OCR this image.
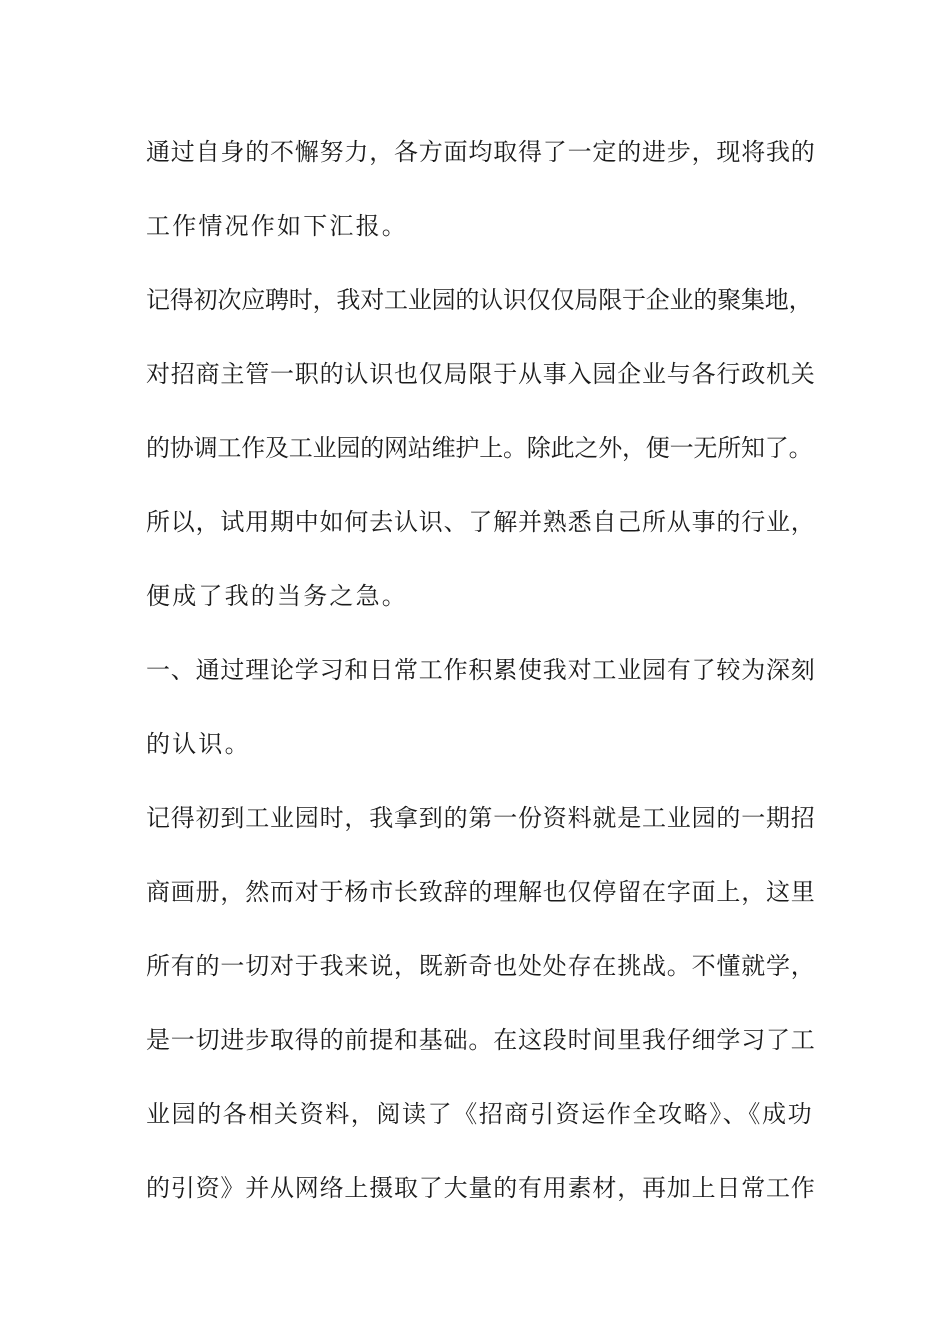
通过自身的不懈努力，各方面均取得了一定的进步，现将我的
工作情况作如下汇报。
记得初次应聘时，我对工业园的认识仅仅局限于企业的聚集地，
对招商主管一职的认识也仅局限于从事入园企业与各行政机关
的协调工作及工业园的网站维护上。除此之外，便一无所知了。
所以，试用期中如何去认识、了解并熟悉自己所从事的行业，
便成了我的当务之急。
一、通过理论学习和日常工作积累使我对工业园有了较为深刻
的认识。
记得初到工业园时，我拿到的第一份资料就是工业园的一期招
商画册，然而对于杨市长致辞的理解也仅停留在字面上，这里
所有的一切对于我来说，既新奇也处处存在挑战。不懂就学，
是一切进步取得的前提和基础。在这段时间里我仔细学习了工
业园的各相关资料，阅读了《招商引资运作全攻略》、《成功
的引资》并从网络上摄取了大量的有用素材，再加上日常工作
